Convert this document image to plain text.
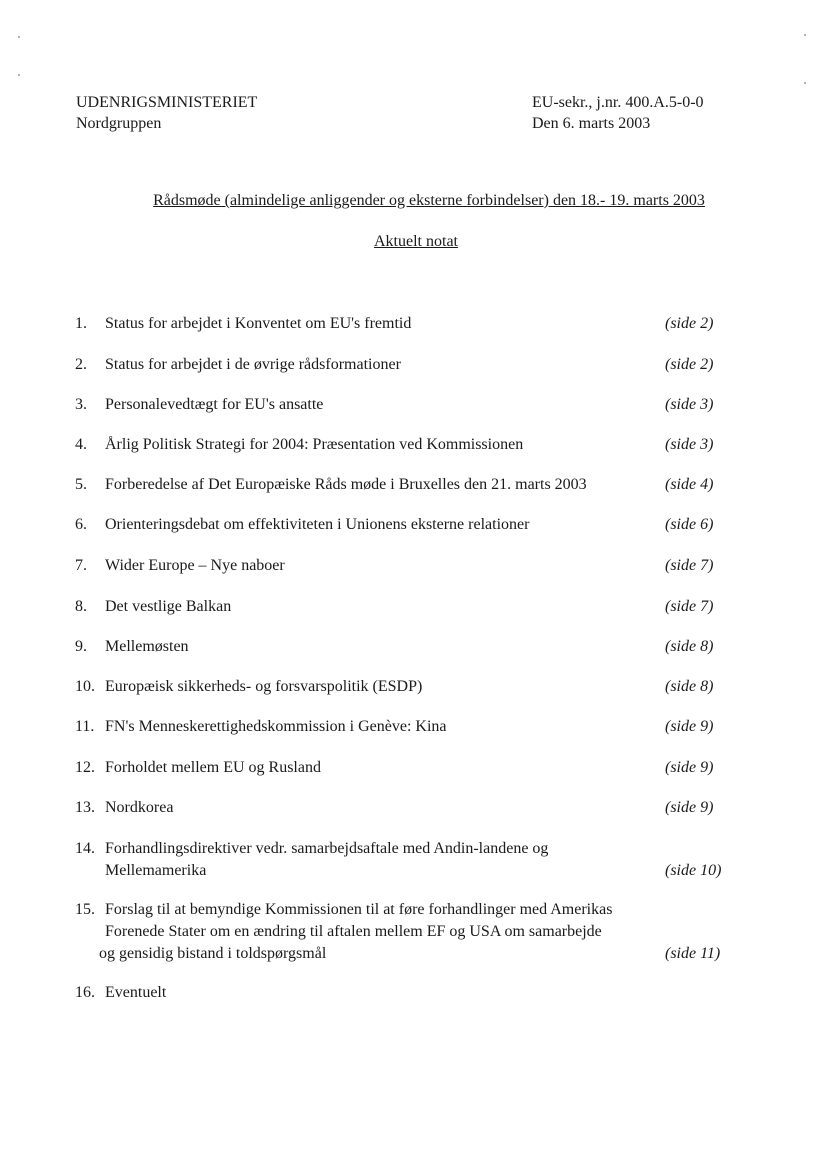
UDENRIGSMINISTERIET
Nordgruppen
EU-sekr., j.nr. 400.A.5-0-0
Den 6. marts 2003
Rådsmøde (almindelige anliggender og eksterne forbindelser) den 18.- 19. marts 2003
Aktuelt notat
1. Status for arbejdet i Konventet om EU's fremtid	(side 2)
2. Status for arbejdet i de øvrige rådsformationer	(side 2)
3. Personalevedtægt for EU's ansatte	(side 3)
4. Årlig Politisk Strategi for 2004: Præsentation ved Kommissionen	(side 3)
5. Forberedelse af Det Europæiske Råds møde i Bruxelles den 21. marts 2003	(side 4)
6. Orienteringsdebat om effektiviteten i Unionens eksterne relationer	(side 6)
7. Wider Europe – Nye naboer	(side 7)
8. Det vestlige Balkan	(side 7)
9. Mellemøsten	(side 8)
10. Europæisk sikkerheds- og forsvarspolitik (ESDP)	(side 8)
11. FN's Menneskerettighedskommission i Genève: Kina	(side 9)
12. Forholdet mellem EU og Rusland	(side 9)
13. Nordkorea	(side 9)
14. Forhandlingsdirektiver vedr. samarbejdsaftale med Andin-landene og
Mellemamerika	(side 10)
15. Forslag til at bemyndige Kommissionen til at føre forhandlinger med Amerikas
Forenede Stater om en ændring til aftalen mellem EF og USA om samarbejde
og gensidig bistand i toldspørgsmål	(side 11)
16. Eventuelt
